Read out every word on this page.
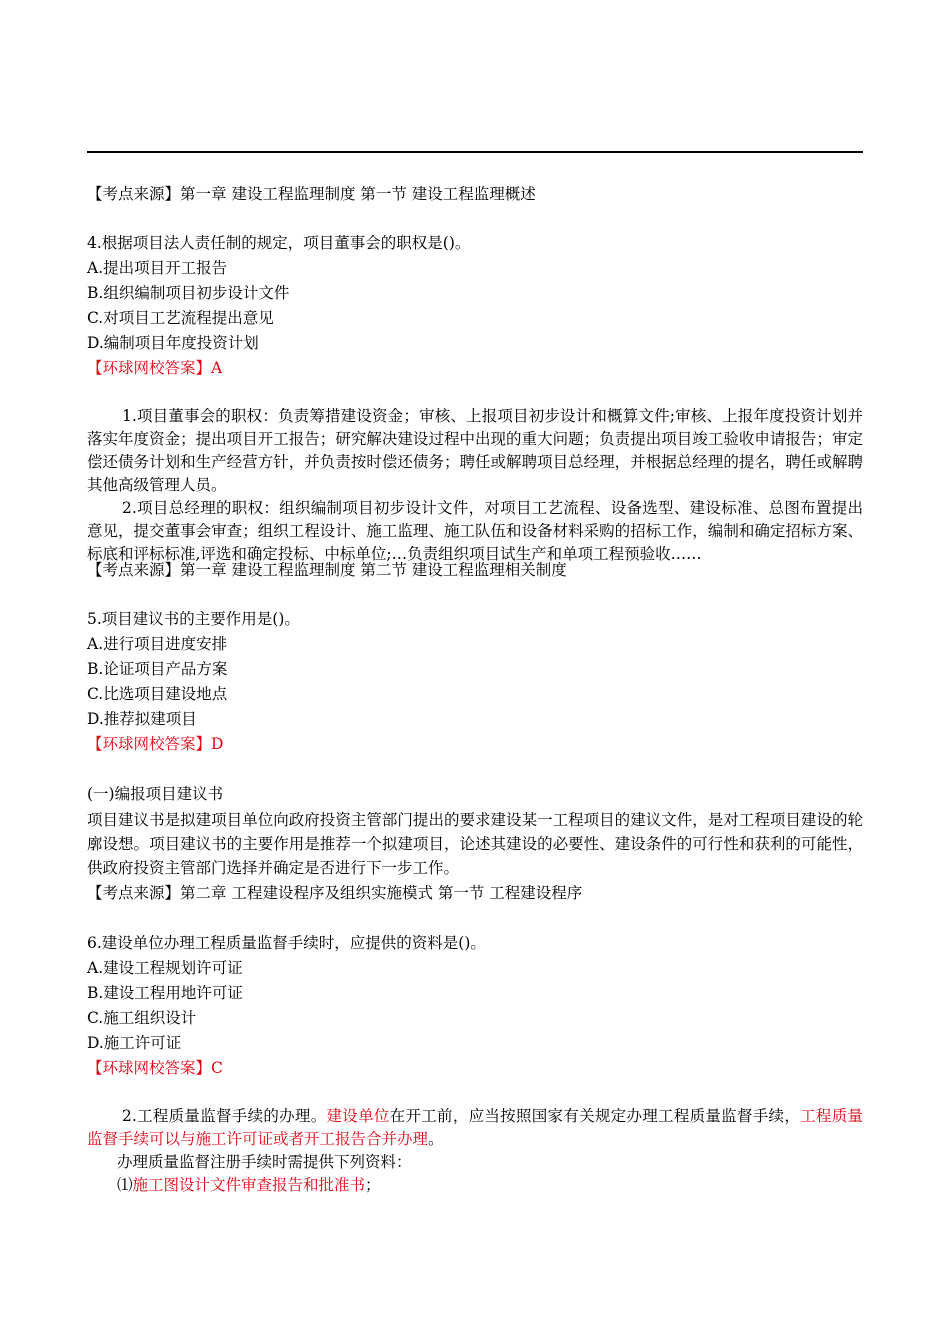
【考点来源】第一章 建设工程监理制度 第一节 建设工程监理概述

4.根据项目法人责任制的规定，项目董事会的职权是()。

A.提出项目开工报告

B.组织编制项目初步设计文件

C.对项目工艺流程提出意见

D.编制项目年度投资计划

【环球网校答案】A

1.项目董事会的职权：负责筹措建设资金；审核、上报项目初步设计和概算文件;审核、上报年度投资计划并落实年度资金；提出项目开工报告；研究解决建设过程中出现的重大问题；负责提出项目竣工验收申请报告；审定偿还债务计划和生产经营方针，并负责按时偿还债务；聘任或解聘项目总经理，并根据总经理的提名，聘任或解聘其他高级管理人员。

2.项目总经理的职权：组织编制项目初步设计文件，对项目工艺流程、设备选型、建设标准、总图布置提出意见，提交董事会审查；组织工程设计、施工监理、施工队伍和设备材料采购的招标工作，编制和确定招标方案、标底和评标标准,评选和确定投标、中标单位;…负责组织项目试生产和单项工程预验收……

【考点来源】第一章 建设工程监理制度 第二节 建设工程监理相关制度

5.项目建议书的主要作用是()。

A.进行项目进度安排

B.论证项目产品方案

C.比选项目建设地点

D.推荐拟建项目

【环球网校答案】D

(一)编报项目建议书

项目建议书是拟建项目单位向政府投资主管部门提出的要求建设某一工程项目的建议文件，是对工程项目建设的轮廓设想。项目建议书的主要作用是推荐一个拟建项目，论述其建设的必要性、建设条件的可行性和获利的可能性，供政府投资主管部门选择并确定是否进行下一步工作。

【考点来源】第二章 工程建设程序及组织实施模式 第一节 工程建设程序

6.建设单位办理工程质量监督手续时，应提供的资料是()。

A.建设工程规划许可证

B.建设工程用地许可证

C.施工组织设计

D.施工许可证

【环球网校答案】C

2.工程质量监督手续的办理。建设单位在开工前，应当按照国家有关规定办理工程质量监督手续，工程质量监督手续可以与施工许可证或者开工报告合并办理。

办理质量监督注册手续时需提供下列资料：

⑴施工图设计文件审查报告和批准书；
